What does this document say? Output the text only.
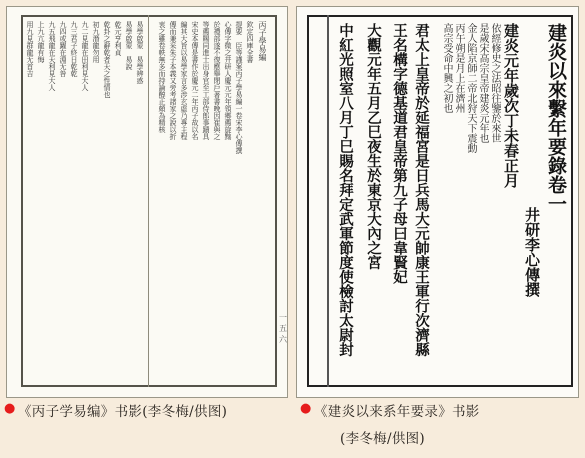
丙子學易編
欽定四庫全書
提要　臣等謹案丙子學易編一卷宋李心傳撰
心傳字微之井研人慶元元年領鄉薦旋黜
於禮部遂不復應舉閉戶著書晚因崔與之
等薦賜同進士出身官至工部侍郎事蹟具
宋史本傳是書作於慶元二年丙子故以名
編其大旨以易學家言多涉玄虛乃專主程
傳而兼采朱子本義又旁考諸家之說以折
衷之雖卷帙無多而持論醇正頗為精核
易學啟蒙　易學辨惑
易學啟蒙　易說
乾元亨利貞
乾卦之辭乾者天之性情也
初九潛龍勿用
九二見龍在田利見大人
九三君子終日乾乾
九四或躍在淵无咎
九五飛龍在天利見大人
上九亢龍有悔
用九見群龍无首吉
一五六
建炎以來繫年要錄卷一
井研李心傳撰
建炎元年歲次丁未春正月
依經修史之法昭往鑒於來世
是歲宋高宗皇帝建炎元年也
金人陷京師二帝北狩天下震動
丙午朔是月上在濟州
高宗受命中興之初也
君太上皇帝於延福宮是日兵馬大元帥康王軍行次濟縣
王名構字德基道君皇帝第九子母曰韋賢妃
大觀元年五月乙巳夜生於東京大內之宮
中紅光照室八月丁巳賜名拜定武軍節度使檢討太尉封
● 《丙子学易编》书影(李冬梅/供图)	● 《建炎以来系年要录》书影
(李冬梅/供图)
